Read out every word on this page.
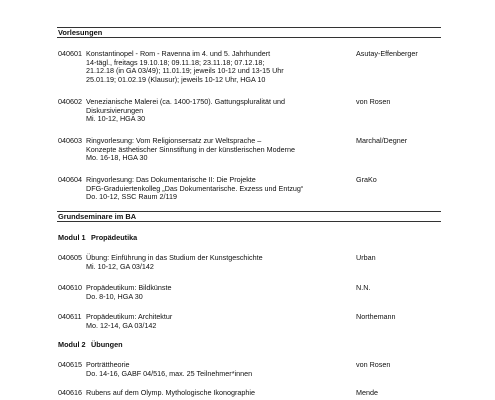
Vorlesungen
040601 Konstantinopel - Rom - Ravenna im 4. und 5. Jahrhundert
14-tägl., freitags 19.10.18; 09.11.18; 23.11.18; 07.12.18;
21.12.18 (in GA 03/49); 11.01.19; jeweils 10-12 und 13-15 Uhr
25.01.19; 01.02.19 (Klausur); jeweils 10-12 Uhr, HGA 10
Asutay-Effenberger
040602 Venezianische Malerei (ca. 1400-1750). Gattungspluralität und
Diskursivierungen
Mi. 10-12, HGA 30
von Rosen
040603 Ringvorlesung: Vom Religionsersatz zur Weltsprache –
Konzepte ästhetischer Sinnstiftung in der künstlerischen Moderne
Mo. 16-18, HGA 30
Marchal/Degner
040604 Ringvorlesung: Das Dokumentarische II: Die Projekte
DFG-Graduiertenkolleg „Das Dokumentarische. Exzess und Entzug“
Do. 10-12, SSC Raum 2/119
GraKo
Grundseminare im BA
Modul 1 Propädeutika
040605 Übung: Einführung in das Studium der Kunstgeschichte
Mi. 10-12, GA 03/142
Urban
040610 Propädeutikum: Bildkünste
Do. 8-10, HGA 30
N.N.
040611 Propädeutikum: Architektur
Mo. 12-14, GA 03/142
Northemann
Modul 2 Übungen
040615 Porträttheorie
Do. 14-16, GABF 04/516, max. 25 Teilnehmer*innen
von Rosen
040616 Rubens auf dem Olymp. Mythologische Ikonographie	Mende
